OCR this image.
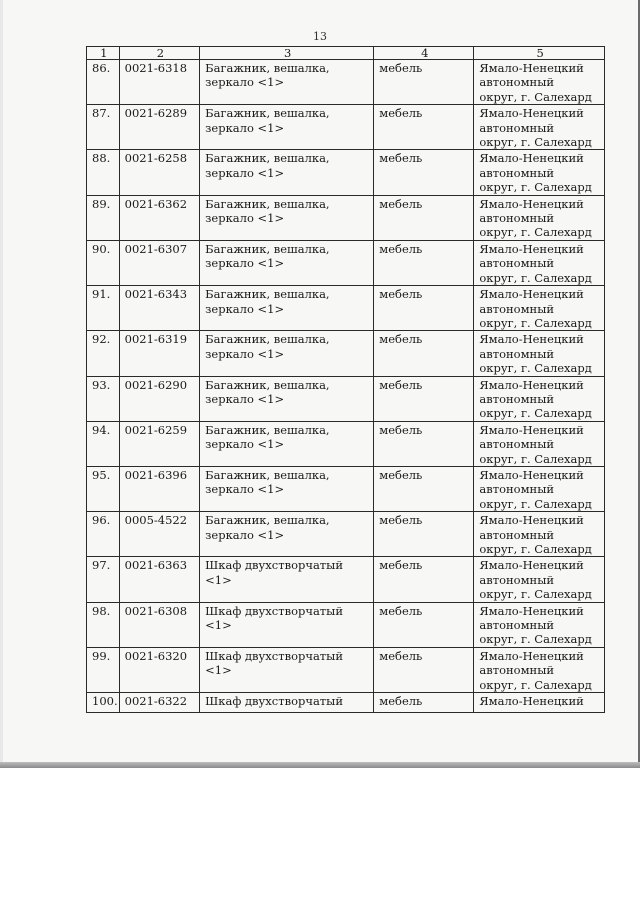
13
1	2	3	4	5
86.	0021-6318	Багажник, вешалка, зеркало <1>	мебель	Ямало-Ненецкий
автономный
округ, г. Салехард

87.	0021-6289	Багажник, вешалка, зеркало <1>	мебель	Ямало-Ненецкий
автономный
округ, г. Салехард

88.	0021-6258	Багажник, вешалка, зеркало <1>	мебель	Ямало-Ненецкий
автономный
округ, г. Салехард

89.	0021-6362	Багажник, вешалка, зеркало <1>	мебель	Ямало-Ненецкий
автономный
округ, г. Салехард

90.	0021-6307	Багажник, вешалка, зеркало <1>	мебель	Ямало-Ненецкий
автономный
округ, г. Салехард

91.	0021-6343	Багажник, вешалка, зеркало <1>	мебель	Ямало-Ненецкий
автономный
округ, г. Салехард

92.	0021-6319	Багажник, вешалка, зеркало <1>	мебель	Ямало-Ненецкий
автономный
округ, г. Салехард

93.	0021-6290	Багажник, вешалка, зеркало <1>	мебель	Ямало-Ненецкий
автономный
округ, г. Салехард

94.	0021-6259	Багажник, вешалка, зеркало <1>	мебель	Ямало-Ненецкий
автономный
округ, г. Салехард

95.	0021-6396	Багажник, вешалка, зеркало <1>	мебель	Ямало-Ненецкий
автономный
округ, г. Салехард

96.	0005-4522	Багажник, вешалка, зеркало <1>	мебель	Ямало-Ненецкий
автономный
округ, г. Салехард

97.	0021-6363	Шкаф двухстворчатый <1>	мебель	Ямало-Ненецкий
автономный
округ, г. Салехард

98.	0021-6308	Шкаф двухстворчатый <1>	мебель	Ямало-Ненецкий
автономный
округ, г. Салехард

99.	0021-6320	Шкаф двухстворчатый <1>	мебель	Ямало-Ненецкий
автономный
округ, г. Салехард

100.	0021-6322	Шкаф двухстворчатый	мебель	Ямало-Ненецкий
